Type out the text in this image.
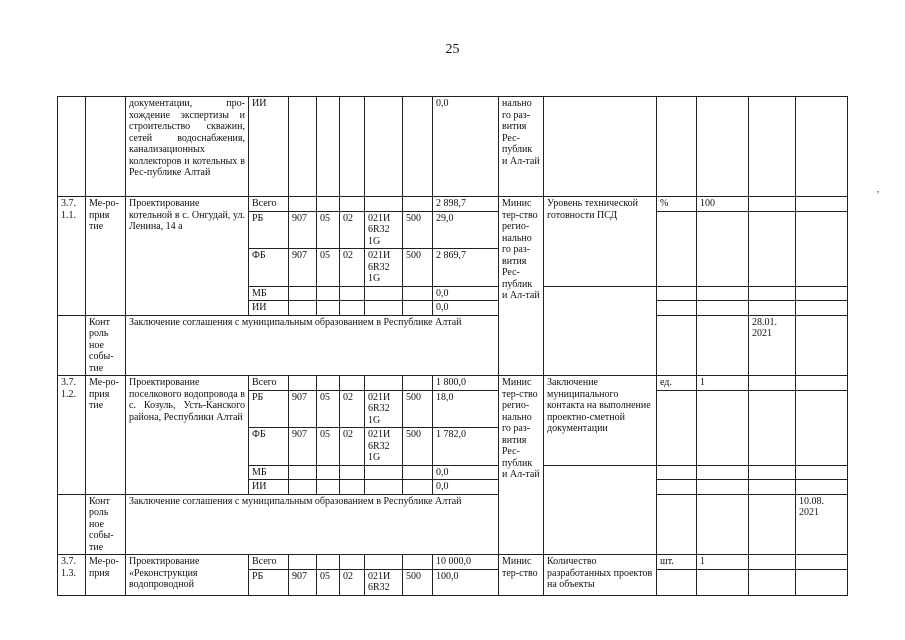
25
,
		документации, про-хождение экспертизы и строительство скважин, сетей водоснабжения, канализационных коллекторов и котельных в Рес-публике Алтай	ИИ						0,0	нально го раз-вития Рес-публик и Ал-тай					
3.7. 1.1.	Ме-ро-прия тие	Проектирование котельной в с. Онгудай, ул. Ленина, 14 а	Всего						2 898,7	Минис тер-ство регио-нально го раз-вития Рес-публик и Ал-тай	Уровень технической готовности ПСД	%	100		
			РБ	907	05	02	021И 6R32 1G	500	29,0						
			ФБ	907	05	02	021И 6R32 1G	500	2 869,7						
			МБ						0,0						
			ИИ						0,0						
	Конт роль ное собы-тие	Заключение соглашения с муниципальным образованием в Республике Алтай												28.01. 2021	
3.7. 1.2.	Ме-ро-прия тие	Проектирование поселкового водопровода в с. Козуль, Усть-Канского района, Республики Алтай	Всего						1 800,0	Минис тер-ство регио-нально го раз-вития Рес-публик и Ал-тай	Заключение муниципального контакта на выполнение проектно-сметной документации	ед.	1		
			РБ	907	05	02	021И 6R32 1G	500	18,0						
			ФБ	907	05	02	021И 6R32 1G	500	1 782,0						
			МБ						0,0						
			ИИ						0,0						
	Конт роль ное собы-тие	Заключение соглашения с муниципальным образованием в Республике Алтай													10.08. 2021
3.7. 1.3.	Ме-ро-прия	Проектирование «Реконструкция водопроводной	Всего						10 000,0	Минис тер-ство	Количество разработанных проектов на объекты	шт.	1		
			РБ	907	05	02	021И 6R32	500	100,0						
